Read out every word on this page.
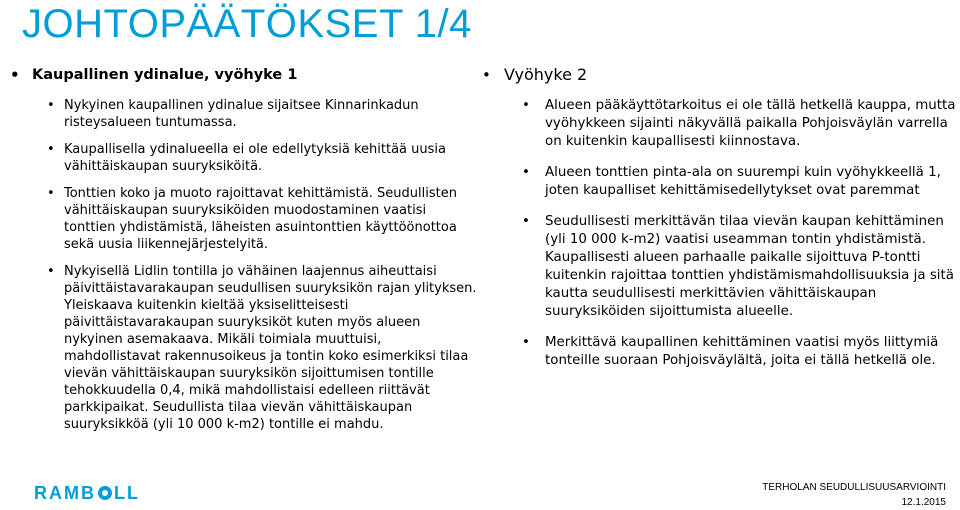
JOHTOPÄÄTÖKSET 1/4
• Kaupallinen ydinalue, vyöhyke 1
• Nykyinen kaupallinen ydinalue sijaitsee Kinnarinkadun risteysalueen tuntumassa.
• Kaupallisella ydinalueella ei ole edellytyksiä kehittää uusia vähittäiskaupan suuryksiköitä.
• Tonttien koko ja muoto rajoittavat kehittämistä. Seudullisten vähittäiskaupan suuryksiköiden muodostaminen vaatisi tonttien yhdistämistä, läheisten asuintonttien käyttöönottoa sekä uusia liikennejärjestelyitä.
• Nykyisellä Lidlin tontilla jo vähäinen laajennus aiheuttaisi päivittäistavarakaupan seudullisen suuryksikön rajan ylityksen. Yleiskaava kuitenkin kieltää yksiselitteisesti päivittäistavarakaupan suuryksiköt kuten myös alueen nykyinen asemakaava. Mikäli toimiala muuttuisi, mahdollistavat rakennusoikeus ja tontin koko esimerkiksi tilaa vievän vähittäiskaupan suuryksikön sijoittumisen tontille tehokkuudella 0,4, mikä mahdollistaisi edelleen riittävät parkkipaikat. Seudullista tilaa vievän vähittäiskaupan suuryksikköä (yli 10 000 k-m2) tontille ei mahdu.
• Vyöhyke 2
• Alueen pääkäyttötarkoitus ei ole tällä hetkellä kauppa, mutta vyöhykkeen sijainti näkyvällä paikalla Pohjoisväylän varrella on kuitenkin kaupallisesti kiinnostava.
• Alueen tonttien pinta-ala on suurempi kuin vyöhykkeellä 1, joten kaupalliset kehittämisedellytykset ovat paremmat
• Seudullisesti merkittävän tilaa vievän kaupan kehittäminen (yli 10 000 k-m2) vaatisi useamman tontin yhdistämistä. Kaupallisesti alueen parhaalle paikalle sijoittuva P-tontti kuitenkin rajoittaa tonttien yhdistämismahdollisuuksia ja sitä kautta seudullisesti merkittävien vähittäiskaupan suuryksiköiden sijoittumista alueelle.
• Merkittävä kaupallinen kehittäminen vaatisi myös liittymiä tonteille suoraan Pohjoisväylältä, joita ei tällä hetkellä ole.
RAMB LL	TERHOLAN SEUDULLISUUSARVIOINTI
12.1.2015
